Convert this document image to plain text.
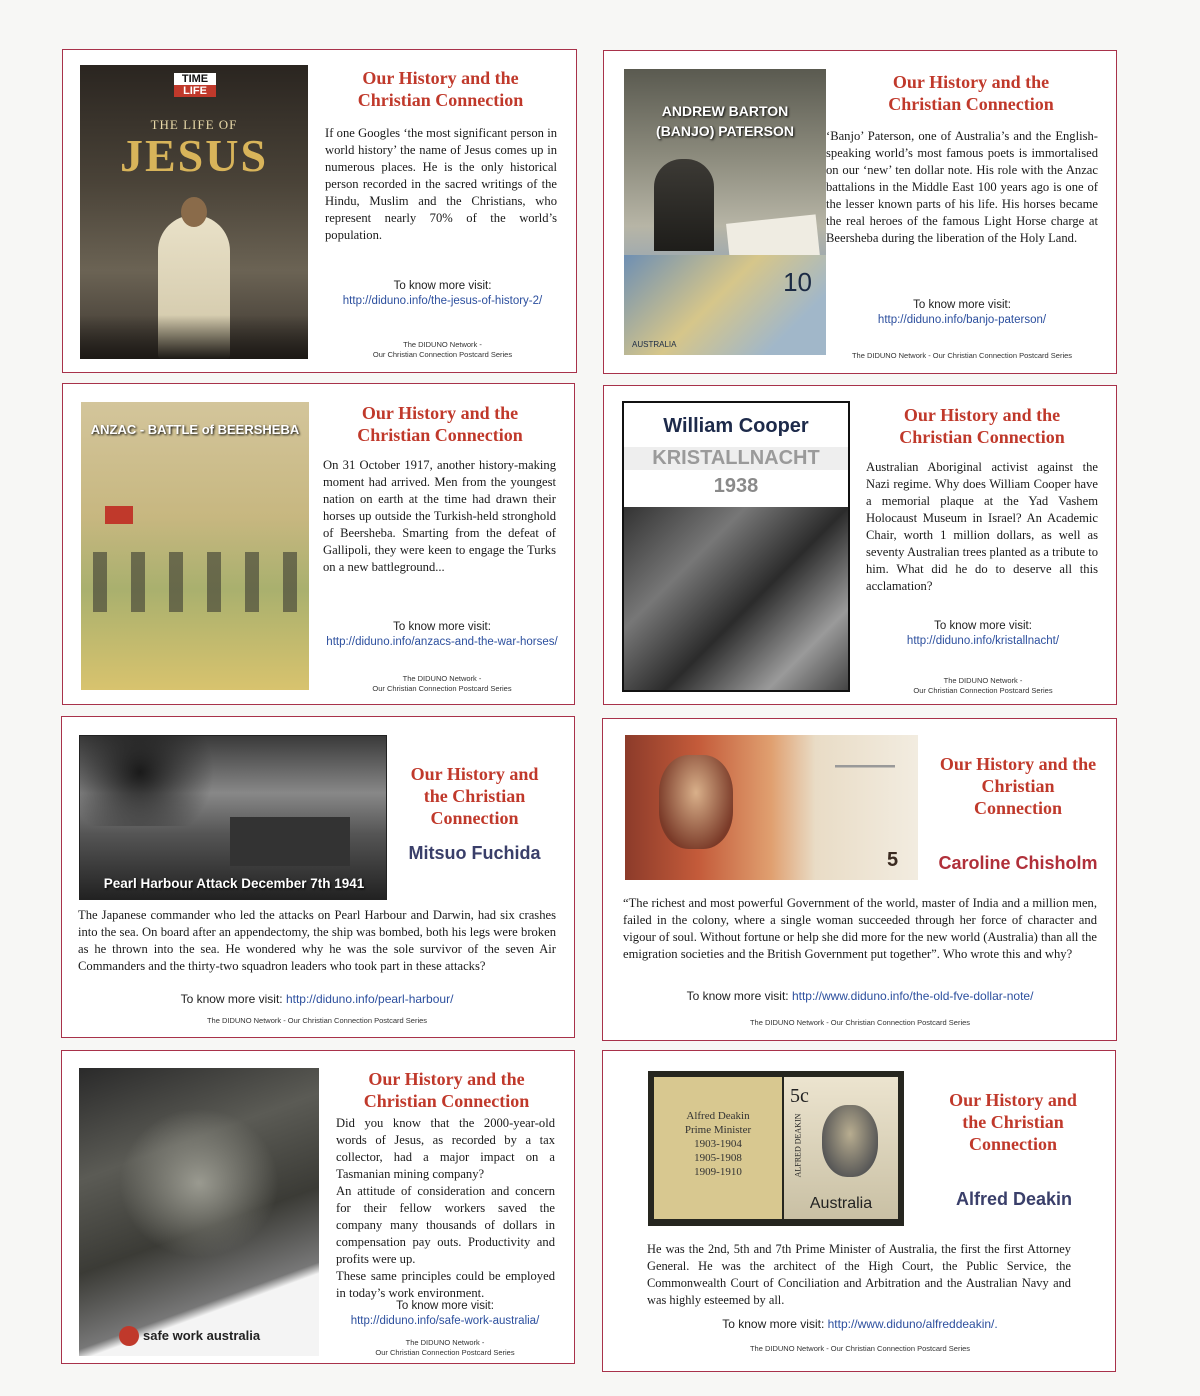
TIME
LIFE
THE LIFE OF
JESUS
Our History and the Christian Connection
If one Googles ‘the most significant person in world history’ the name of Jesus comes up in numerous places. He is the only historical person recorded in the sacred writings of the Hindu, Muslim and the Christians, who represent nearly 70% of the world’s population.
To know more visit:
http://diduno.info/the-jesus-of-history-2/
The DIDUNO Network -
Our Christian Connection Postcard Series
ANDREW BARTON
(BANJO) PATERSON
10
AUSTRALIA
Our History and the Christian Connection
‘Banjo’ Paterson, one of Australia’s and the English-speaking world’s most famous poets is immortalised on our ‘new’ ten dollar note. His role with the Anzac battalions in the Middle East 100 years ago is one of the lesser known parts of his life. His horses became the real heroes of the famous Light Horse charge at Beersheba during the liberation of the Holy Land.
To know more visit:
http://diduno.info/banjo-paterson/
The DIDUNO Network - Our Christian Connection Postcard Series
ANZAC - BATTLE of BEERSHEBA
Our History and the Christian Connection
On 31 October 1917, another history-making moment had arrived. Men from the youngest nation on earth at the time had drawn their horses up outside the Turkish-held stronghold of Beersheba. Smarting from the defeat of Gallipoli, they were keen to engage the Turks on a new battleground...
To know more visit:
http://diduno.info/anzacs-and-the-war-horses/
The DIDUNO Network -
Our Christian Connection Postcard Series
William Cooper
KRISTALLNACHT
1938
Our History and the Christian Connection
Australian Aboriginal activist against the Nazi regime. Why does William Cooper have a memorial plaque at the Yad Vashem Holocaust Museum in Israel? An Academic Chair, worth 1 million dollars, as well as seventy Australian trees planted as a tribute to him. What did he do to deserve all this acclamation?
To know more visit:
http://diduno.info/kristallnacht/
The DIDUNO Network -
Our Christian Connection Postcard Series
Pearl Harbour Attack December 7th 1941
Our History and the Christian Connection
Mitsuo Fuchida
The Japanese commander who led the attacks on Pearl Harbour and Darwin, had six crashes into the sea. On board after an appendectomy, the ship was bombed, both his legs were broken as he thrown into the sea. He wondered why he was the sole survivor of the seven Air Commanders and the thirty-two squadron leaders who took part in these attacks?
To know more visit: http://diduno.info/pearl-harbour/
The DIDUNO Network - Our Christian Connection Postcard Series
5
Our History and the Christian Connection
Caroline Chisholm
“The richest and most powerful Government of the world, master of India and a million men, failed in the colony, where a single woman succeeded through her force of character and vigour of soul. Without fortune or help she did more for the new world (Australia) than all the emigration societies and the British Government put together”. Who wrote this and why?
To know more visit: http://www.diduno.info/the-old-fve-dollar-note/
The DIDUNO Network - Our Christian Connection Postcard Series
safe work australia
Our History and the Christian Connection
Did you know that the 2000-year-old words of Jesus, as recorded by a tax collector, had a major impact on a Tasmanian mining company?
An attitude of consideration and concern for their fellow workers saved the company many thousands of dollars in compensation pay outs. Productivity and profits were up.
These same principles could be employed in today’s work environment.
To know more visit:
http://diduno.info/safe-work-australia/
The DIDUNO Network -
Our Christian Connection Postcard Series
Alfred Deakin
Prime Minister
1903-1904
1905-1908
1909-1910
5c
ALFRED DEAKIN
Australia
Our History and the Christian Connection
Alfred Deakin
He was the 2nd, 5th and 7th Prime Minister of Australia, the first the first Attorney General. He was the architect of the High Court, the Public Service, the Commonwealth Court of Conciliation and Arbitration and the Australian Navy and was highly esteemed by all.
To know more visit: http://www.diduno/alfreddeakin/.
The DIDUNO Network - Our Christian Connection Postcard Series
